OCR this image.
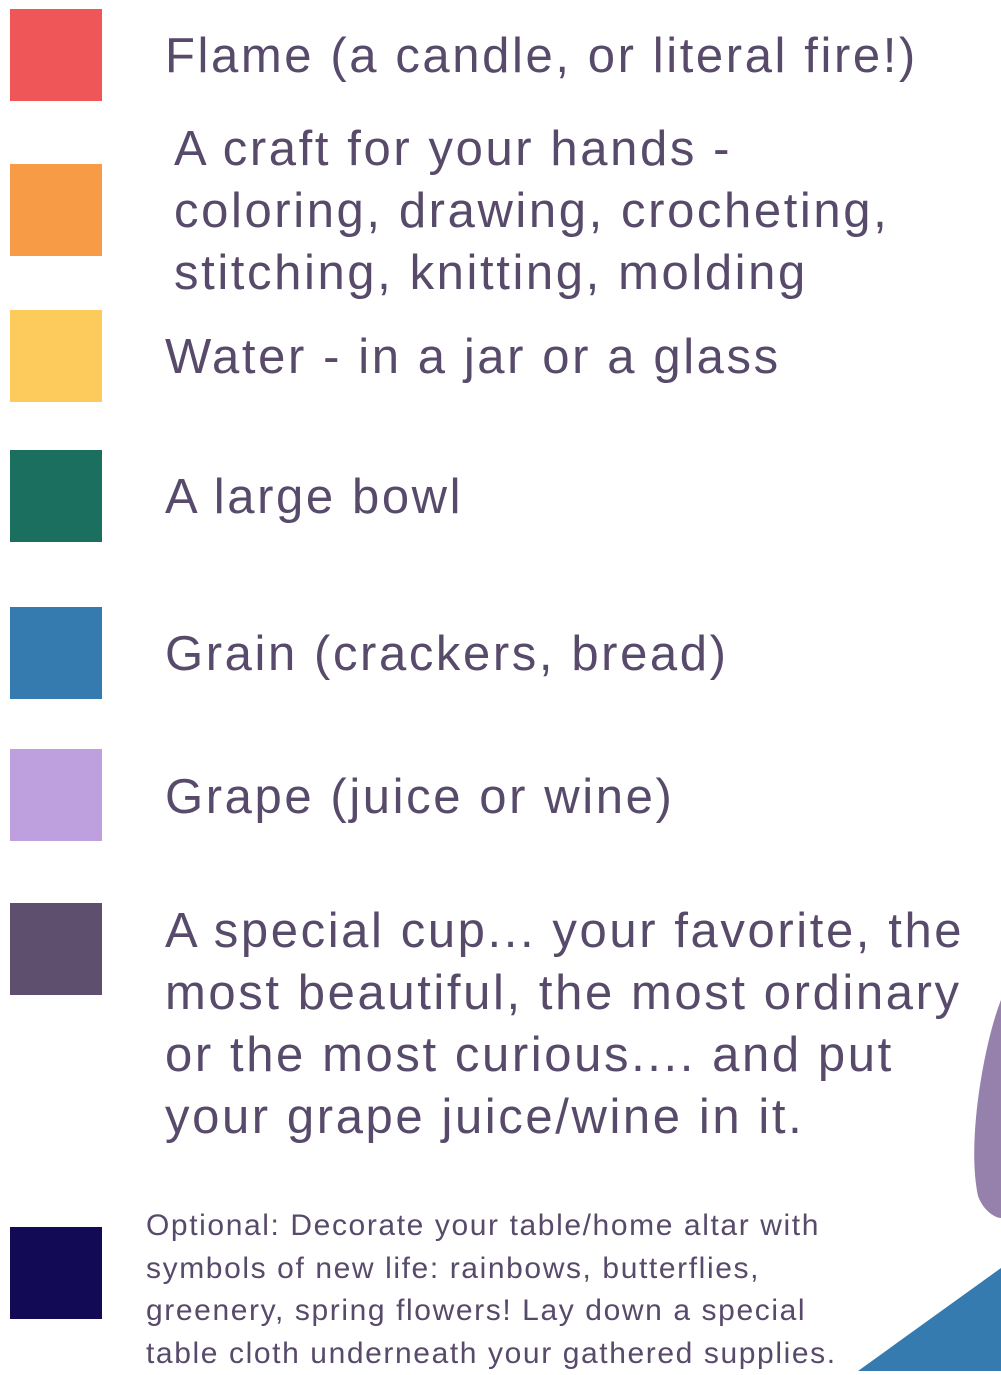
Flame (a candle, or literal fire!)

A craft for your hands -
coloring, drawing, crocheting,
stitching, knitting, molding

Water - in a jar or a glass

A large bowl

Grain (crackers, bread)

Grape (juice or wine)

A special cup... your favorite, the
most beautiful, the most ordinary
or the most curious.... and put
your grape juice/wine in it.

Optional: Decorate your table/home altar with
symbols of new life: rainbows, butterflies,
greenery, spring flowers! Lay down a special
table cloth underneath your gathered supplies.
